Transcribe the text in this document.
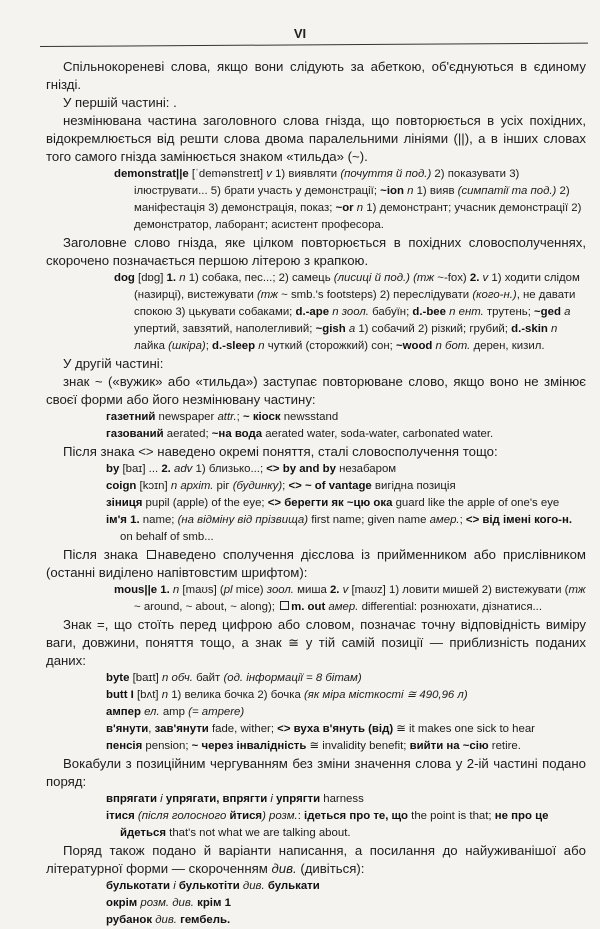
VI

Спільнокореневі слова, якщо вони слідують за абеткою, об'єднуються в єдиному гнізді.

У першій частині: .

незмінювана частина заголовного слова гнізда, що повторюється в усіх похідних, відокремлюється від решти слова двома паралельними лініями (||), а в інших словах того самого гнізда замінюється знаком «тильда» (~).

demonstrat||e [ˈdemənstreɪt] v 1) виявляти (почуття й под.) 2) показувати 3) ілюструвати... 5) брати участь у демонстрації; ~ion n 1) вияв (симпатії та под.) 2) маніфестація 3) демонстрація, показ; ~or n 1) демонстрант; учасник демонстрації 2) демонстратор, лаборант; асистент професора.

Заголовне слово гнізда, яке цілком повторюється в похідних словосполученнях, скорочено позначається першою літерою з крапкою.

dog [dɒg] 1. n 1) собака, пес...; 2) самець (лисиці й под.) (тж ~-fox) 2. v 1) ходити слідом (назирці), вистежувати (тж ~ smb.'s footsteps) 2) переслідувати (кого-н.), не давати спокою 3) цькувати собаками; d.-ape n зоол. бабуїн; d.-bee n ент. трутень; ~ged a упертий, завзятий, наполегливий; ~gish a 1) собачий 2) різкий; грубий; d.-skin n лайка (шкіра); d.-sleep n чуткий (сторожкий) сон; ~wood n бот. дерен, кизил.

У другій частині:

знак ~ («вужик» або «тильда») заступає повторюване слово, якщо воно не змінює своєї форми або його незмінювану частину:

газетний newspaper attr.; ~ кіоск newsstand

газований aerated; ~на вода aerated water, soda-water, carbonated water.

Після знака <> наведено окремі поняття, сталі словосполучення тощо:

by [baɪ] ... 2. adv 1) близько...; <> by and by незабаром

coign [kɔɪn] n архіт. ріг (будинку); <> ~ of vantage вигідна позиція

зіниця pupil (apple) of the eye; <> берегти як ~цю ока guard like the apple of one's eye

ім'я 1. name; (на відміну від прізвища) first name; given name амер.; <> від імені кого-н. on behalf of smb...

Після знака наведено сполучення дієслова із прийменником або прислівником (останні виділено напівтовстим шрифтом):

mous||e 1. n [maʊs] (pl mice) зоол. миша 2. v [maʊz] 1) ловити мишей 2) вистежувати (тж ~ around, ~ about, ~ along); m. out амер. differential: рознюхати, дізнатися...

Знак =, що стоїть перед цифрою або словом, позначає точну відповідність виміру ваги, довжини, поняття тощо, а знак ≅ у тій самій позиції — приблизність поданих даних:

byte [baɪt] n обч. байт (од. інформації = 8 бітам)

butt I [bʌt] n 1) велика бочка 2) бочка (як міра місткості ≅ 490,96 л)

ампер ел. amp (= ampere)

в'янути, зав'янути fade, wither; <> вуха в'януть (від) ≅ it makes one sick to hear

пенсія pension; ~ через інвалідність ≅ invalidity benefit; вийти на ~сію retire.

Вокабули з позиційним чергуванням без зміни значення слова у 2-ій частині подано поряд:

впрягати і упрягати, впрягти і упрягти harness

ітися (після голосного йтися) розм.: ідеться про те, що the point is that; не про це йдеться that's not what we are talking about.

Поряд також подано й варіанти написання, а посилання до найуживанішої або літературної форми — скороченням див. (дивіться):

булькотати і булькотіти див. булькати

окрім розм. див. крім 1

рубанок див. гембель.
